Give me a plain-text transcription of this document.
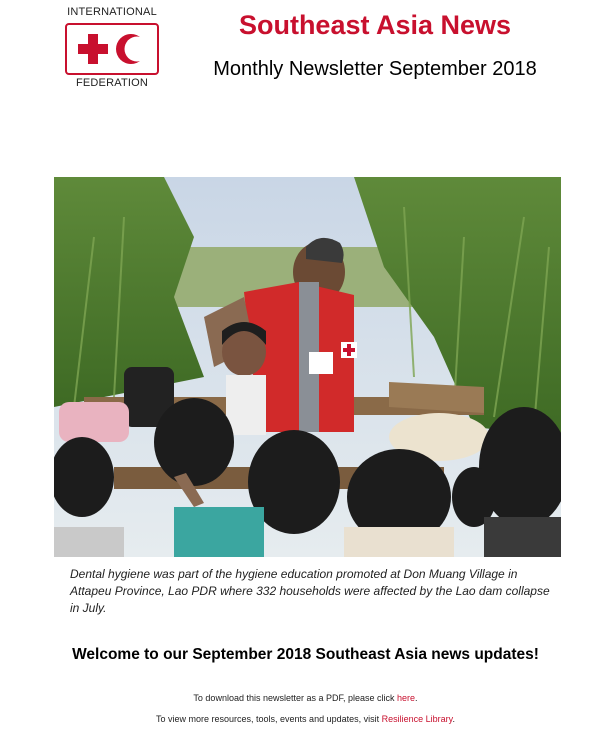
INTERNATIONAL
FEDERATION
Southeast Asia News
Monthly Newsletter September 2018
Dental hygiene was part of the hygiene education promoted at Don Muang Village in Attapeu Province, Lao PDR where 332 households were affected by the Lao dam collapse in July.
Welcome to our September 2018 Southeast Asia news updates!
To download this newsletter as a PDF, please click here.
To view more resources, tools, events and updates, visit Resilience Library.
